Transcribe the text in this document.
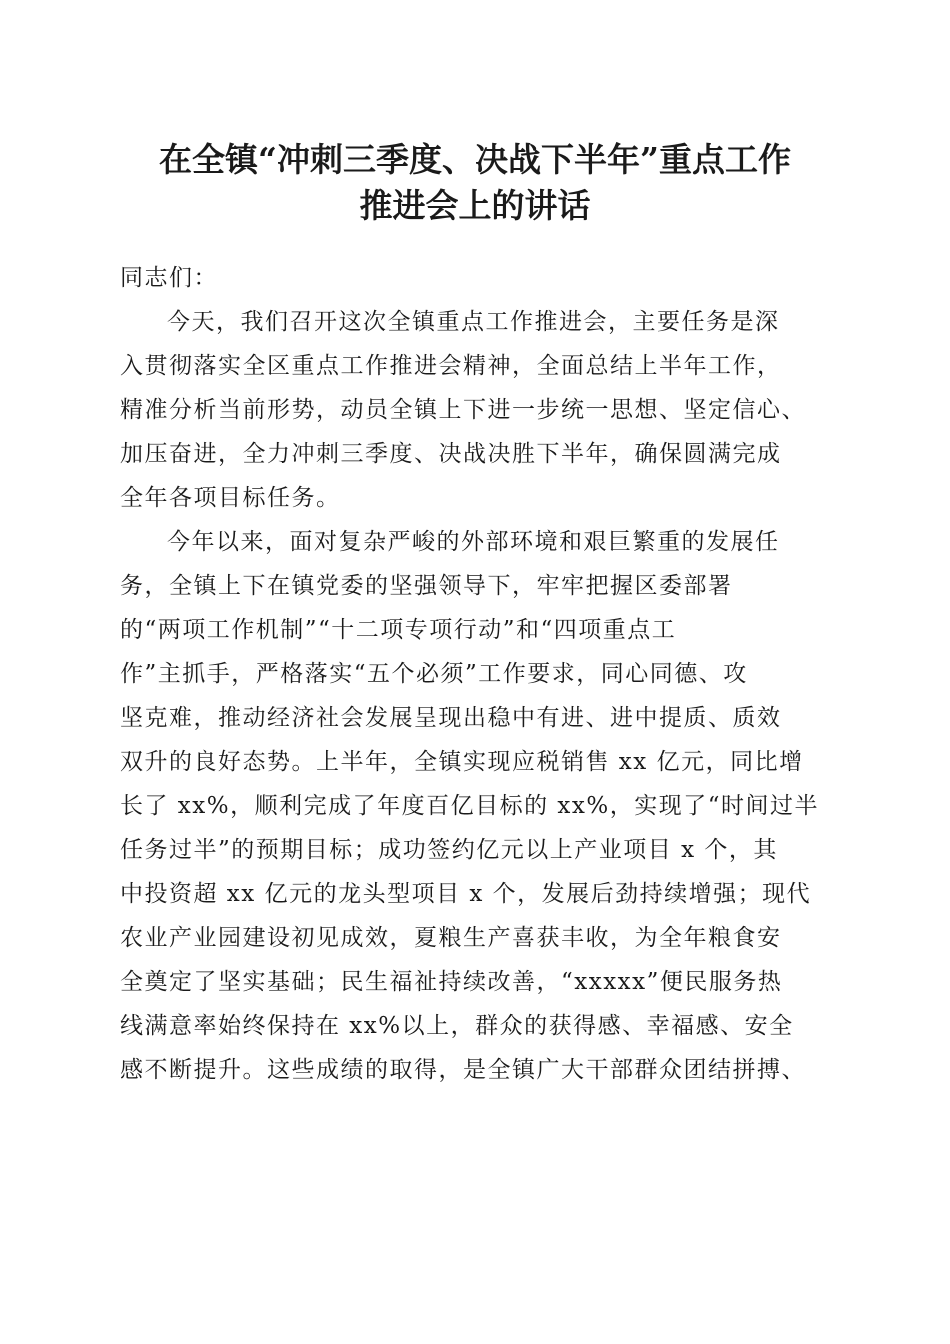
在全镇“冲刺三季度、决战下半年”重点工作
推进会上的讲话
同志们：
今天，我们召开这次全镇重点工作推进会，主要任务是深
入贯彻落实全区重点工作推进会精神，全面总结上半年工作，
精准分析当前形势，动员全镇上下进一步统一思想、坚定信心、
加压奋进，全力冲刺三季度、决战决胜下半年，确保圆满完成
全年各项目标任务。
今年以来，面对复杂严峻的外部环境和艰巨繁重的发展任
务，全镇上下在镇党委的坚强领导下，牢牢把握区委部署
的“两项工作机制”“十二项专项行动”和“四项重点工
作”主抓手，严格落实“五个必须”工作要求，同心同德、攻
坚克难，推动经济社会发展呈现出稳中有进、进中提质、质效
双升的良好态势。上半年，全镇实现应税销售 xx 亿元，同比增
长了 xx%，顺利完成了年度百亿目标的 xx%，实现了“时间过半
任务过半”的预期目标；成功签约亿元以上产业项目 x 个，其
中投资超 xx 亿元的龙头型项目 x 个，发展后劲持续增强；现代
农业产业园建设初见成效，夏粮生产喜获丰收，为全年粮食安
全奠定了坚实基础；民生福祉持续改善，“xxxxx”便民服务热
线满意率始终保持在 xx%以上，群众的获得感、幸福感、安全
感不断提升。这些成绩的取得，是全镇广大干部群众团结拼搏、
